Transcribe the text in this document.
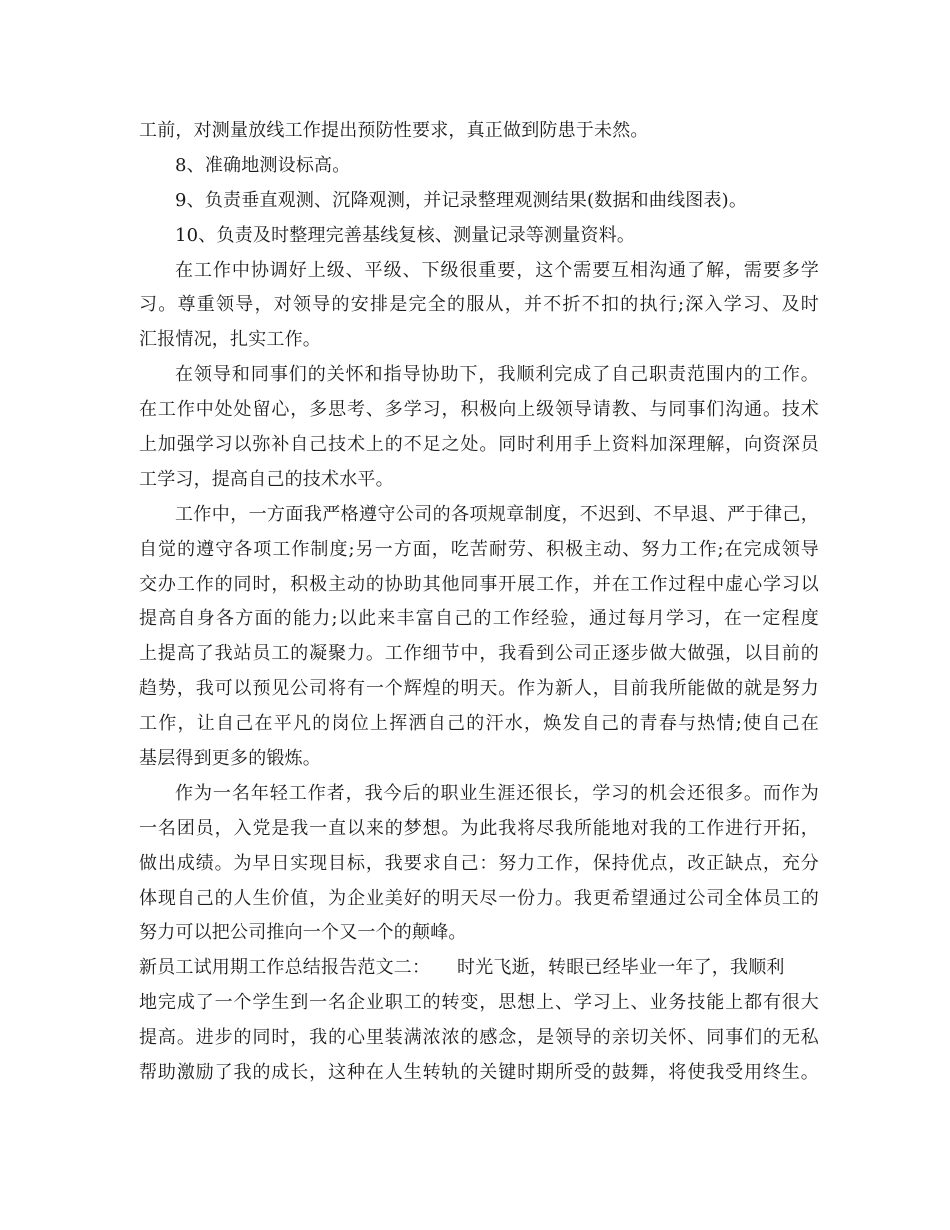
工前，对测量放线工作提出预防性要求，真正做到防患于未然。
8、准确地测设标高。
9、负责垂直观测、沉降观测，并记录整理观测结果(数据和曲线图表)。
10、负责及时整理完善基线复核、测量记录等测量资料。
在工作中协调好上级、平级、下级很重要，这个需要互相沟通了解，需要多学
习。尊重领导，对领导的安排是完全的服从，并不折不扣的执行;深入学习、及时
汇报情况，扎实工作。
在领导和同事们的关怀和指导协助下，我顺利完成了自己职责范围内的工作。
在工作中处处留心，多思考、多学习，积极向上级领导请教、与同事们沟通。技术
上加强学习以弥补自己技术上的不足之处。同时利用手上资料加深理解，向资深员
工学习，提高自己的技术水平。
工作中，一方面我严格遵守公司的各项规章制度，不迟到、不早退、严于律己，
自觉的遵守各项工作制度;另一方面，吃苦耐劳、积极主动、努力工作;在完成领导
交办工作的同时，积极主动的协助其他同事开展工作，并在工作过程中虚心学习以
提高自身各方面的能力;以此来丰富自己的工作经验，通过每月学习，在一定程度
上提高了我站员工的凝聚力。工作细节中，我看到公司正逐步做大做强，以目前的
趋势，我可以预见公司将有一个辉煌的明天。作为新人，目前我所能做的就是努力
工作，让自己在平凡的岗位上挥洒自己的汗水，焕发自己的青春与热情;使自己在
基层得到更多的锻炼。
作为一名年轻工作者，我今后的职业生涯还很长，学习的机会还很多。而作为
一名团员，入党是我一直以来的梦想。为此我将尽我所能地对我的工作进行开拓，
做出成绩。为早日实现目标，我要求自己：努力工作，保持优点，改正缺点，充分
体现自己的人生价值，为企业美好的明天尽一份力。我更希望通过公司全体员工的
努力可以把公司推向一个又一个的颠峰。
新员工试用期工作总结报告范文二： 时光飞逝，转眼已经毕业一年了，我顺利
地完成了一个学生到一名企业职工的转变，思想上、学习上、业务技能上都有很大
提高。进步的同时，我的心里装满浓浓的感念，是领导的亲切关怀、同事们的无私
帮助激励了我的成长，这种在人生转轨的关键时期所受的鼓舞，将使我受用终生。
